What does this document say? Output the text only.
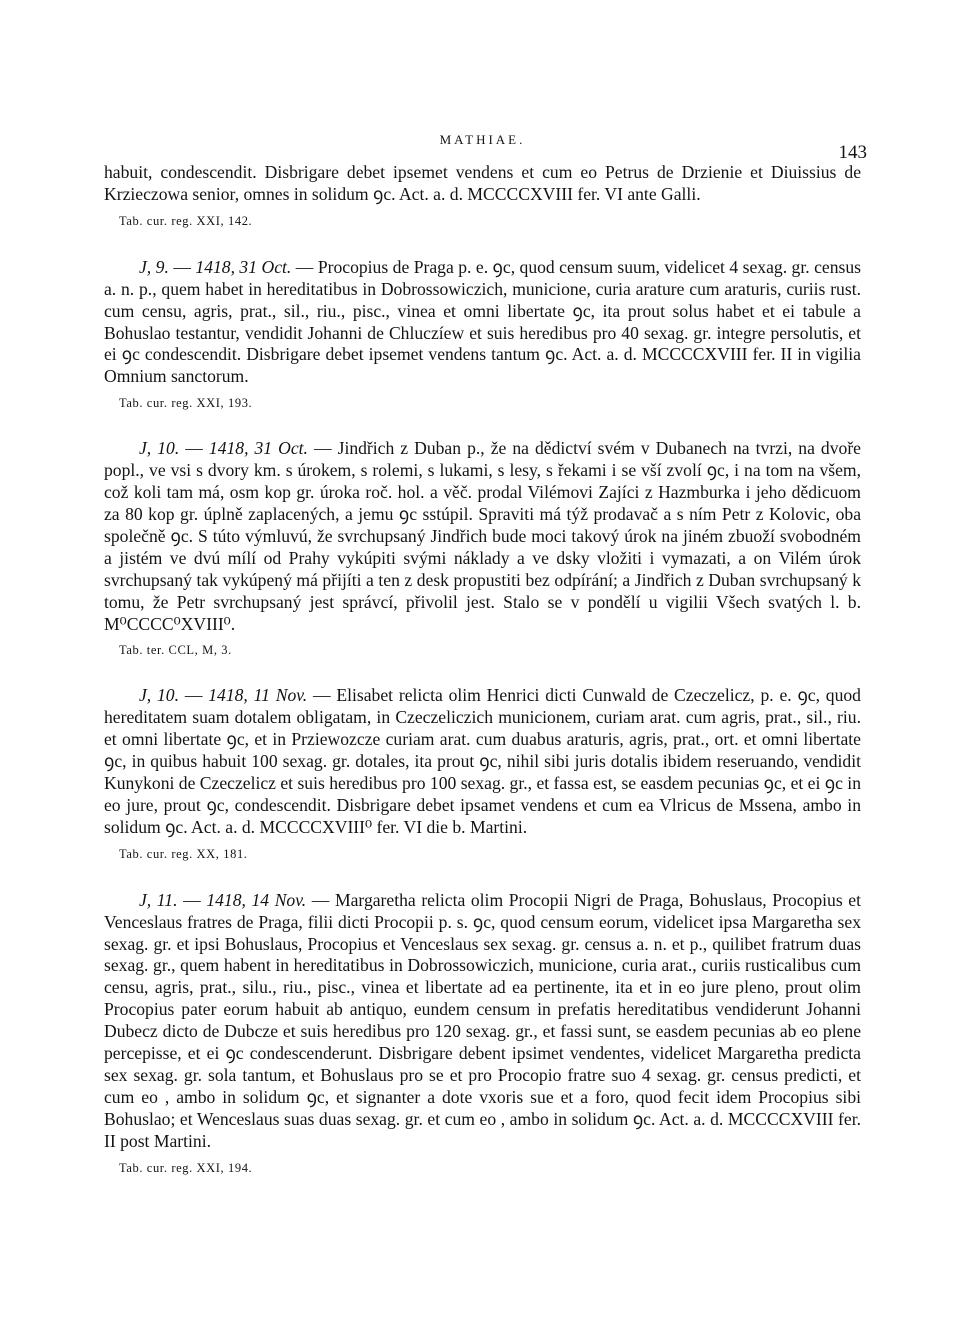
MATHIAE.
143

habuit, condescendit. Disbrigare debet ipsemet vendens et cum eo Petrus de Drzienie et Diuissius de Krzieczowa senior, omnes in solidum ꝯc. Act. a. d. MCCCCXVIII fer. VI ante Galli.

Tab. cur. reg. XXI, 142.

J, 9. — 1418, 31 Oct. — Procopius de Praga p. e. ꝯc, quod censum suum, videlicet 4 sexag. gr. census a. n. p., quem habet in hereditatibus in Dobrossowiczich, municione, curia arature cum araturis, curiis rust. cum censu, agris, prat., sil., riu., pisc., vinea et omni libertate ꝯc, ita prout solus habet et ei tabule a Bohuslao testantur, vendidit Johanni de Chluczíew et suis heredibus pro 40 sexag. gr. integre persolutis, et ei ꝯc condescendit. Disbrigare debet ipsemet vendens tantum ꝯc. Act. a. d. MCCCCXVIII fer. II in vigilia Omnium sanctorum.

Tab. cur. reg. XXI, 193.

J, 10. — 1418, 31 Oct. — Jindřich z Duban p., že na dědictví svém v Dubanech na tvrzi, na dvoře popl., ve vsi s dvory km. s úrokem, s rolemi, s lukami, s lesy, s řekami i se vší zvolí ꝯc, i na tom na všem, což koli tam má, osm kop gr. úroka roč. hol. a věč. prodal Vilémovi Zajíci z Hazmburka i jeho dědicuom za 80 kop gr. úplně zaplacených, a jemu ꝯc sstúpil. Spraviti má týž prodavač a s ním Petr z Kolovic, oba společně ꝯc. S túto výmluvú, že svrchupsaný Jindřich bude moci takový úrok na jiném zbuoží svobodném a jistém ve dvú mílí od Prahy vykúpiti svými náklady a ve dsky vložiti i vymazati, a on Vilém úrok svrchupsaný tak vykúpený má přijíti a ten z desk propustiti bez odpírání; a Jindřich z Duban svrchupsaný k tomu, že Petr svrchupsaný jest správcí, přivolil jest. Stalo se v pondělí u vigilii Všech svatých l. b. M⁰CCCC⁰XVIII⁰.

Tab. ter. CCL, M, 3.

J, 10. — 1418, 11 Nov. — Elisabet relicta olim Henrici dicti Cunwald de Czeczelicz, p. e. ꝯc, quod hereditatem suam dotalem obligatam, in Czeczeliczich municionem, curiam arat. cum agris, prat., sil., riu. et omni libertate ꝯc, et in Prziewozcze curiam arat. cum duabus araturis, agris, prat., ort. et omni libertate ꝯc, in quibus habuit 100 sexag. gr. dotales, ita prout ꝯc, nihil sibi juris dotalis ibidem reseruando, vendidit Kunykoni de Czeczelicz et suis heredibus pro 100 sexag. gr., et fassa est, se easdem pecunias ꝯc, et ei ꝯc in eo jure, prout ꝯc, condescendit. Disbrigare debet ipsamet vendens et cum ea Vlricus de Mssena, ambo in solidum ꝯc. Act. a. d. MCCCCXVIII⁰ fer. VI die b. Martini.

Tab. cur. reg. XX, 181.

J, 11. — 1418, 14 Nov. — Margaretha relicta olim Procopii Nigri de Praga, Bohuslaus, Procopius et Venceslaus fratres de Praga, filii dicti Procopii p. s. ꝯc, quod censum eorum, videlicet ipsa Margaretha sex sexag. gr. et ipsi Bohuslaus, Procopius et Venceslaus sex sexag. gr. census a. n. et p., quilibet fratrum duas sexag. gr., quem habent in hereditatibus in Dobrossowiczich, municione, curia arat., curiis rusticalibus cum censu, agris, prat., silu., riu., pisc., vinea et libertate ad ea pertinente, ita et in eo jure pleno, prout olim Procopius pater eorum habuit ab antiquo, eundem censum in prefatis hereditatibus vendiderunt Johanni Dubecz dicto de Dubcze et suis heredibus pro 120 sexag. gr., et fassi sunt, se easdem pecunias ab eo plene percepisse, et ei ꝯc condescenderunt. Disbrigare debent ipsimet vendentes, videlicet Margaretha predicta sex sexag. gr. sola tantum, et Bohuslaus pro se et pro Procopio fratre suo 4 sexag. gr. census predicti, et cum eo , ambo in solidum ꝯc, et signanter a dote vxoris sue et a foro, quod fecit idem Procopius sibi Bohuslao; et Wenceslaus suas duas sexag. gr. et cum eo , ambo in solidum ꝯc. Act. a. d. MCCCCXVIII fer. II post Martini.

Tab. cur. reg. XXI, 194.
